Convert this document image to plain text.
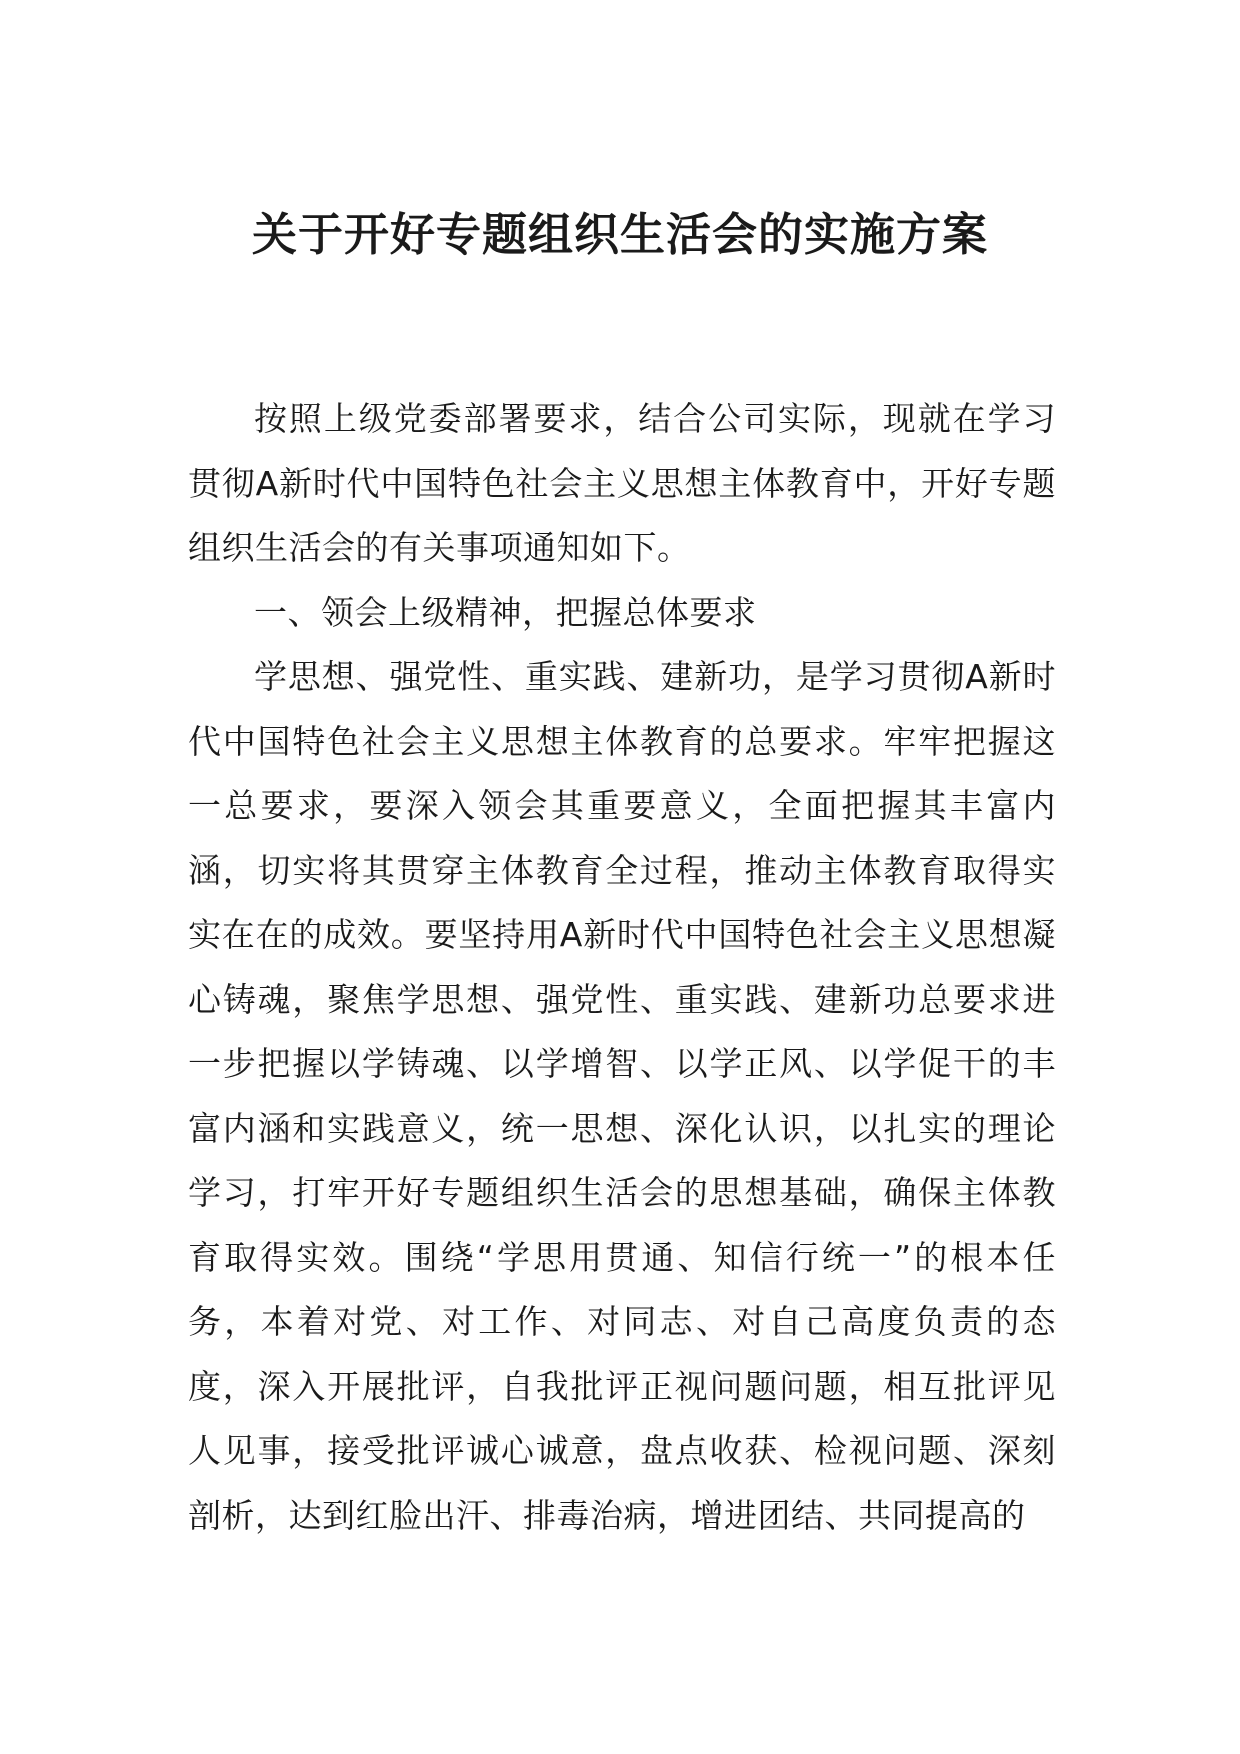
关于开好专题组织生活会的实施方案

按照上级党委部署要求，结合公司实际，现就在学习贯彻A新时代中国特色社会主义思想主体教育中，开好专题组织生活会的有关事项通知如下。

一、领会上级精神，把握总体要求

学思想、强党性、重实践、建新功，是学习贯彻A新时代中国特色社会主义思想主体教育的总要求。牢牢把握这一总要求，要深入领会其重要意义，全面把握其丰富内涵，切实将其贯穿主体教育全过程，推动主体教育取得实实在在的成效。要坚持用A新时代中国特色社会主义思想凝心铸魂，聚焦学思想、强党性、重实践、建新功总要求进一步把握以学铸魂、以学增智、以学正风、以学促干的丰富内涵和实践意义，统一思想、深化认识，以扎实的理论学习，打牢开好专题组织生活会的思想基础，确保主体教育取得实效。围绕“学思用贯通、知信行统一”的根本任务，本着对党、对工作、对同志、对自己高度负责的态度，深入开展批评，自我批评正视问题问题，相互批评见人见事，接受批评诚心诚意，盘点收获、检视问题、深刻剖析，达到红脸出汗、排毒治病，增进团结、共同提高的
